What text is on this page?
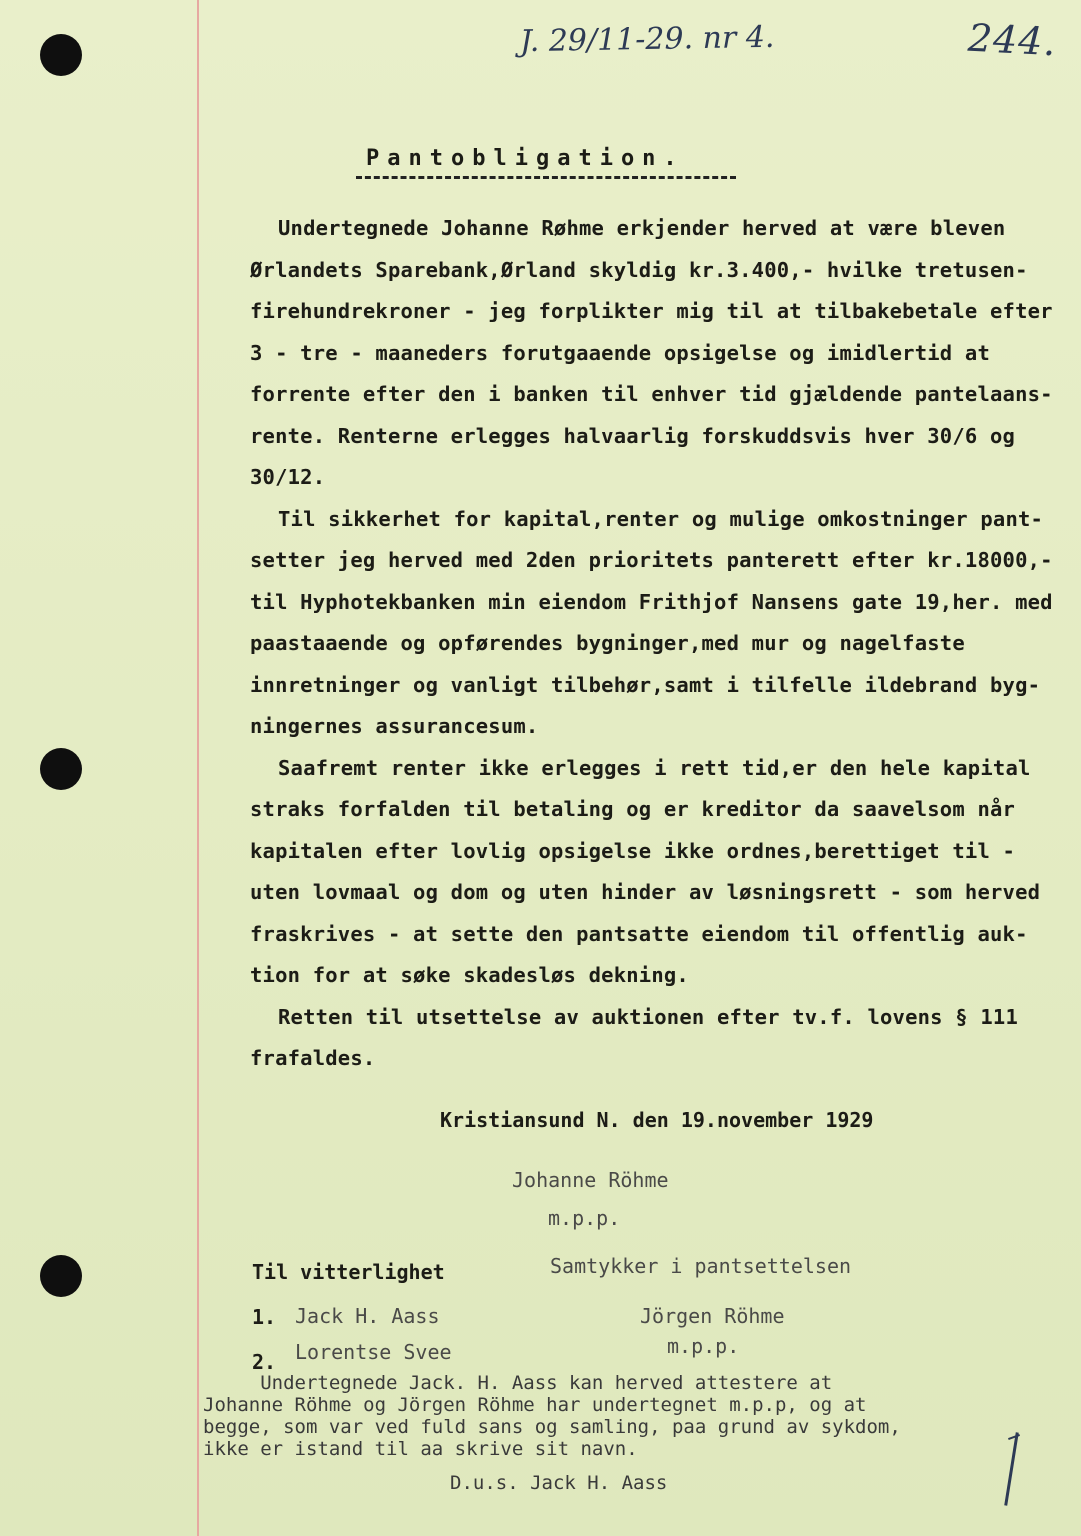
J. 29/11-29. nr 4.	244.
Pantobligation.

Undertegnede Johanne Røhme erkjender herved at være bleven Ørlandets Sparebank,Ørland skyldig kr.3.400,- hvilke tretusen-firehundrekroner - jeg forplikter mig til at tilbakebetale efter 3 - tre - maaneders forutgaaende opsigelse og imidlertid at forrente efter den i banken til enhver tid gjældende pantelaans-rente. Renterne erlegges halvaarlig forskuddsvis hver 30/6 og 30/12.

Til sikkerhet for kapital,renter og mulige omkostninger pant-setter jeg herved med 2den prioritets panterett efter kr.18000,-til Hyphotekbanken min eiendom Frithjof Nansens gate 19,her. med paastaaende og opførendes bygninger,med mur og nagelfaste innretninger og vanligt tilbehør,samt i tilfelle ildebrand byg-ningernes assurancesum.

Saafremt renter ikke erlegges i rett tid,er den hele kapital straks forfalden til betaling og er kreditor da saavelsom når kapitalen efter lovlig opsigelse ikke ordnes,berettiget til - uten lovmaal og dom og uten hinder av løsningsrett - som herved fraskrives - at sette den pantsatte eiendom til offentlig auk-tion for at søke skadesløs dekning.

Retten til utsettelse av auktionen efter tv.f. lovens § 111 frafaldes.

Kristiansund N. den 19.november 1929
Johanne Röhme
m.p.p.
Til vitterlighet	Samtykker i pantsettelsen
1. Jack H. Aass	Jörgen Röhme
m.p.p.
2. Lorentse Svee
Undertegnede Jack. H. Aass kan herved attestere at
Johanne Röhme og Jörgen Röhme har undertegnet m.p.p, og at
begge, som var ved fuld sans og samling, paa grund av sykdom,
ikke er istand til aa skrive sit navn.
D.u.s. Jack H. Aass
